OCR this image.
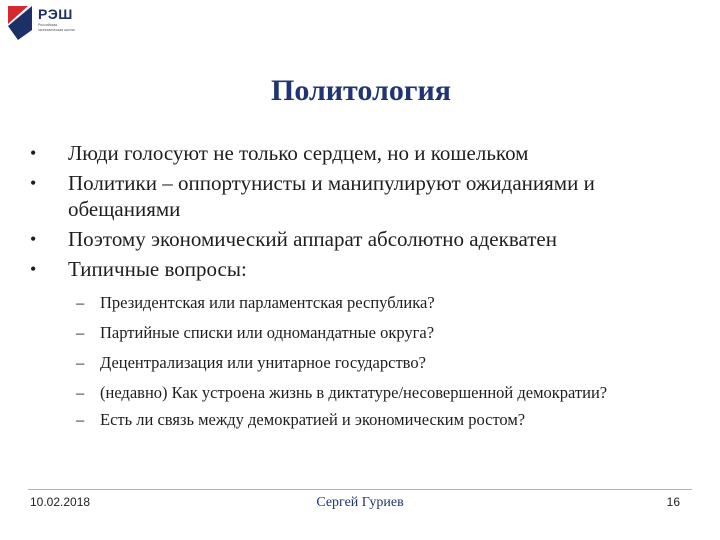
РЭШ
Российская экономическая школа
Политология
• Люди голосуют не только сердцем, но и кошельком
• Политики – оппортунисты и манипулируют ожиданиями и обещаниями
• Поэтому экономический аппарат абсолютно адекватен
• Типичные вопросы:
– Президентская или парламентская республика?
– Партийные списки или одномандатные округа?
– Децентрализация или унитарное государство?
– (недавно) Как устроена жизнь в диктатуре/несовершенной демократии?
– Есть ли связь между демократией и экономическим ростом?
10.02.2018	Сергей Гуриев	16
